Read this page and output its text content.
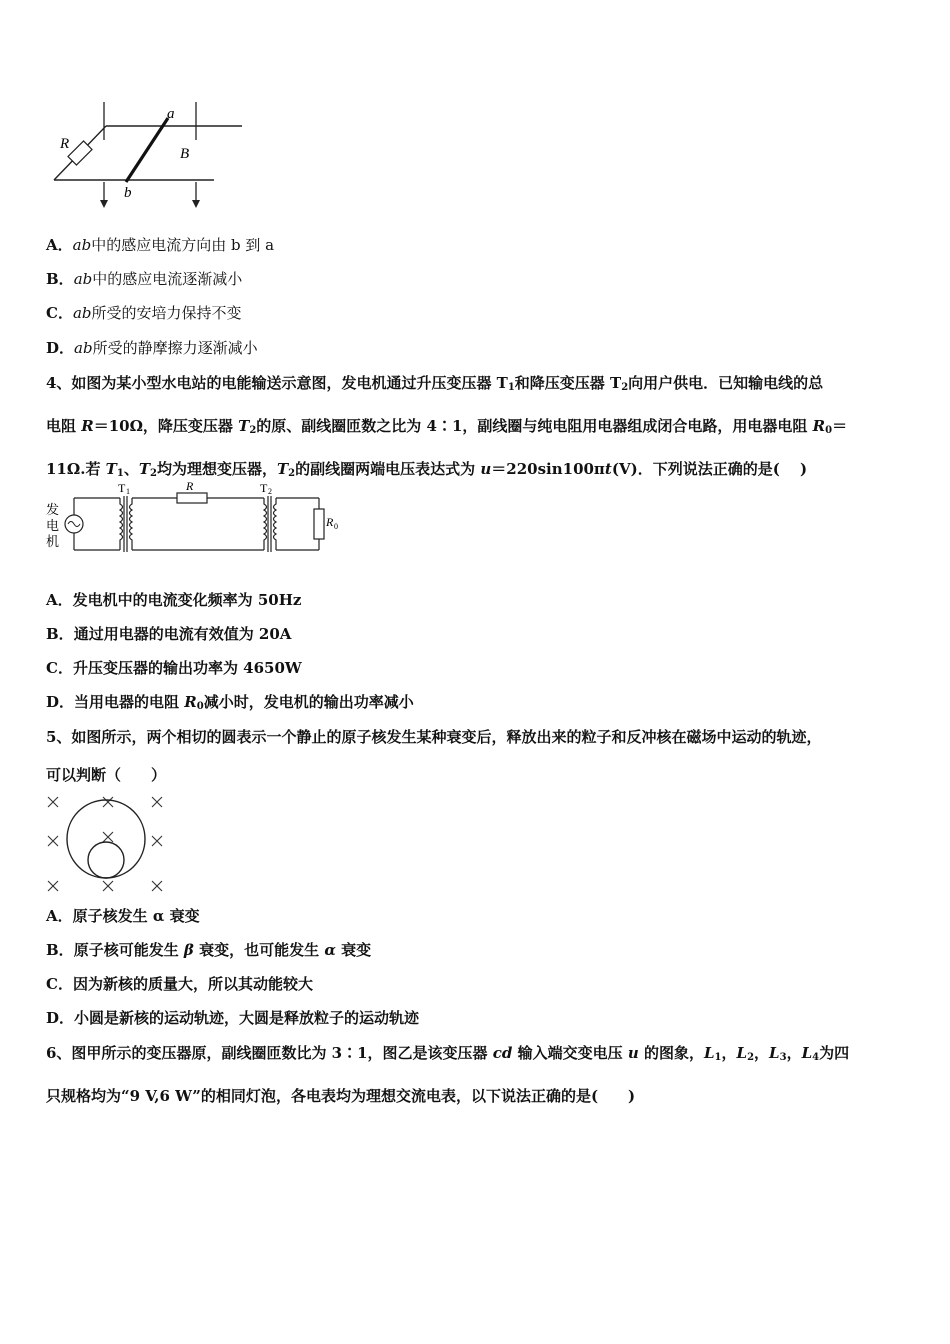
a
b
R
B
A．ab中的感应电流方向由 b 到 a
B．ab中的感应电流逐渐减小
C．ab所受的安培力保持不变
D．ab所受的静摩擦力逐渐减小
4、如图为某小型水电站的电能输送示意图，发电机通过升压变压器 $T_1$和降压变压器 $T_2$向用户供电．已知输电线的总
电阻 R＝10Ω，降压变压器 $T_2$的原、副线圈匝数之比为 4∶1，副线圈与纯电阻用电器组成闭合电路，用电器电阻 $R_0=$
11Ω.若 $T_1$、$T_2$均为理想变压器，$T_2$的副线圈两端电压表达式为 u＝220sin100πt(V)．下列说法正确的是(　 )
发
电
机
T 1	R	T 2
R 0
A．发电机中的电流变化频率为 50Hz
B．通过用电器的电流有效值为 20A
C．升压变压器的输出功率为 4650W
D．当用电器的电阻 $R_0$减小时，发电机的输出功率减小
5、如图所示，两个相切的圆表示一个静止的原子核发生某种衰变后，释放出来的粒子和反冲核在磁场中运动的轨迹，
可以判断（　　）
A．原子核发生 α 衰变
B．原子核可能发生 β 衰变，也可能发生 α 衰变
C．因为新核的质量大，所以其动能较大
D．小圆是新核的运动轨迹，大圆是释放粒子的运动轨迹
6、图甲所示的变压器原，副线圈匝数比为 3∶1，图乙是该变压器 cd 输入端交变电压 u 的图象，$L_1$，$L_2$，$L_3$，$L_4$为四
只规格均为“9 V,6 W”的相同灯泡，各电表均为理想交流电表，以下说法正确的是(　　)
